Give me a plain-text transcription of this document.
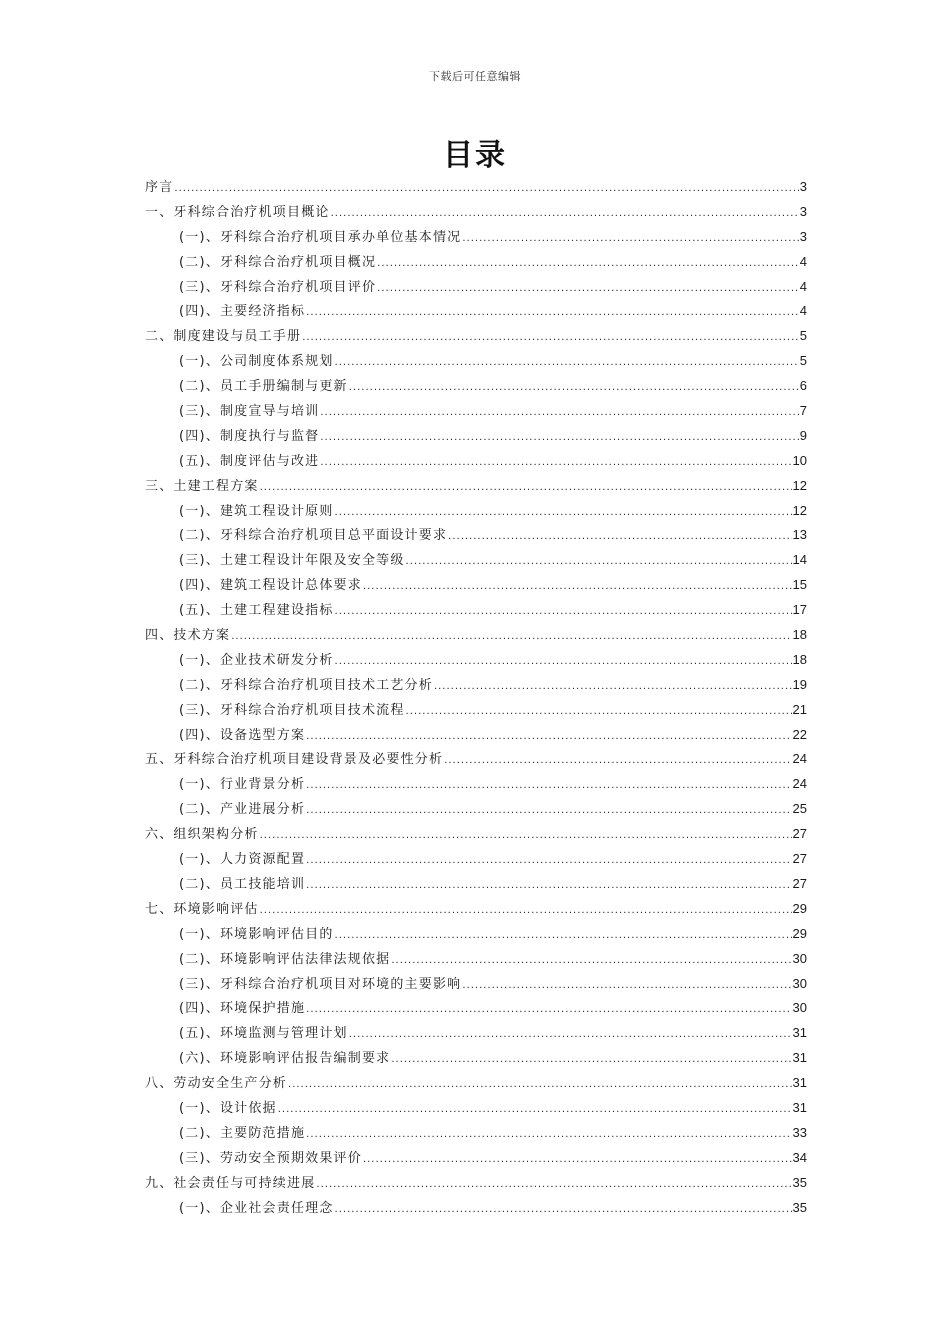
下载后可任意编辑
目录
序言 .....	3
一、牙科综合治疗机项目概论 .....	3
(一)、牙科综合治疗机项目承办单位基本情况 .....	3
(二)、牙科综合治疗机项目概况 .....	4
(三)、牙科综合治疗机项目评价 .....	4
(四)、主要经济指标 .....	4
二、制度建设与员工手册 .....	5
(一)、公司制度体系规划 .....	5
(二)、员工手册编制与更新 .....	6
(三)、制度宣导与培训 .....	7
(四)、制度执行与监督 .....	9
(五)、制度评估与改进 .....	10
三、土建工程方案 .....	12
(一)、建筑工程设计原则 .....	12
(二)、牙科综合治疗机项目总平面设计要求 .....	13
(三)、土建工程设计年限及安全等级 .....	14
(四)、建筑工程设计总体要求 .....	15
(五)、土建工程建设指标 .....	17
四、技术方案 .....	18
(一)、企业技术研发分析 .....	18
(二)、牙科综合治疗机项目技术工艺分析 .....	19
(三)、牙科综合治疗机项目技术流程 .....	21
(四)、设备选型方案 .....	22
五、牙科综合治疗机项目建设背景及必要性分析 .....	24
(一)、行业背景分析 .....	24
(二)、产业进展分析 .....	25
六、组织架构分析 .....	27
(一)、人力资源配置 .....	27
(二)、员工技能培训 .....	27
七、环境影响评估 .....	29
(一)、环境影响评估目的 .....	29
(二)、环境影响评估法律法规依据 .....	30
(三)、牙科综合治疗机项目对环境的主要影响 .....	30
(四)、环境保护措施 .....	30
(五)、环境监测与管理计划 .....	31
(六)、环境影响评估报告编制要求 .....	31
八、劳动安全生产分析 .....	31
(一)、设计依据 .....	31
(二)、主要防范措施 .....	33
(三)、劳动安全预期效果评价 .....	34
九、社会责任与可持续进展 .....	35
(一)、企业社会责任理念 .....	35
